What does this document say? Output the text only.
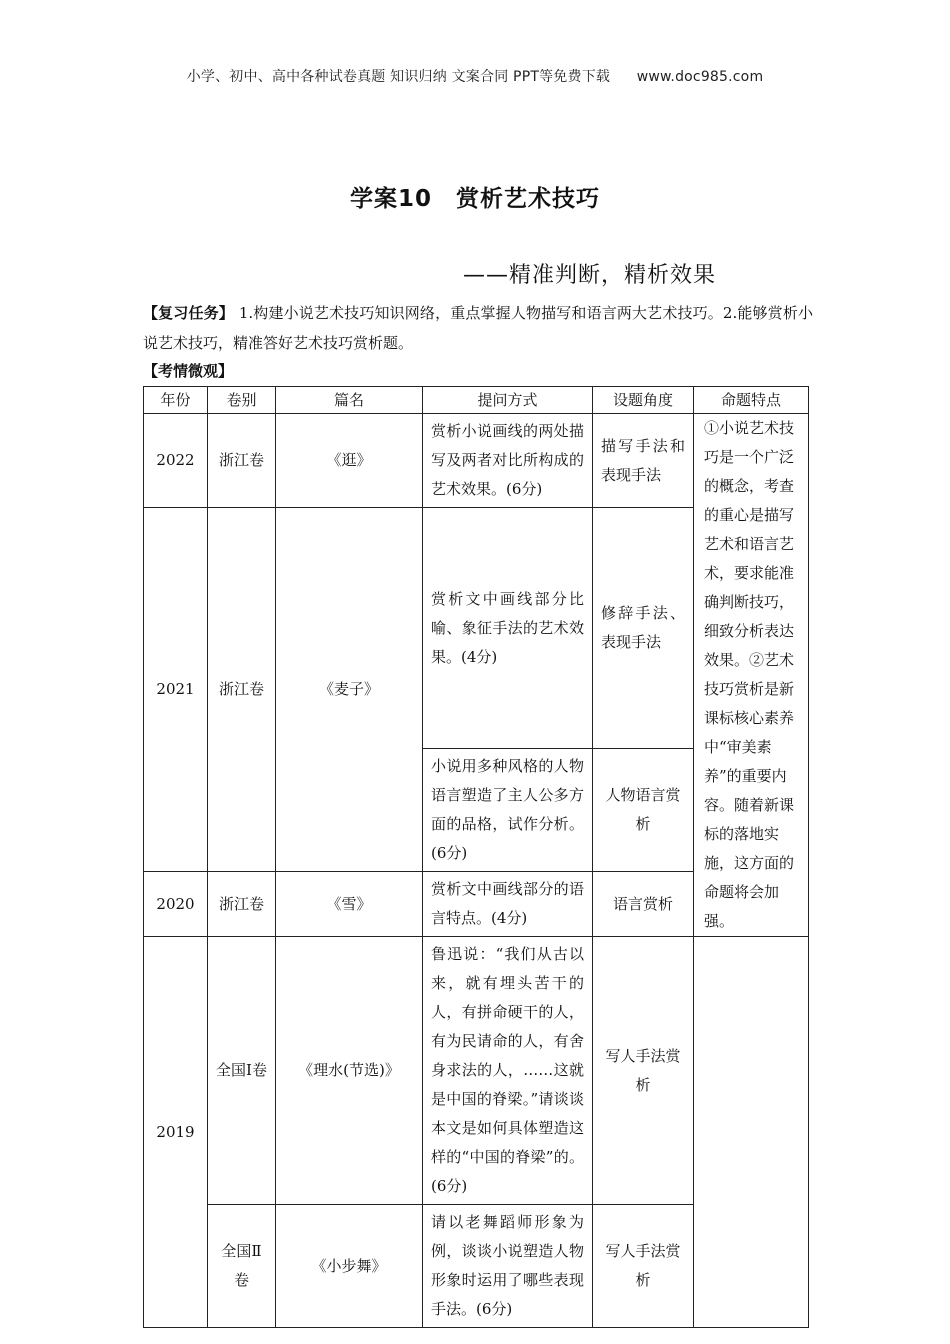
小学、初中、高中各种试卷真题 知识归纳 文案合同 PPT等免费下载 www.doc985.com
学案10　赏析艺术技巧
——精准判断，精析效果
【复习任务】 1.构建小说艺术技巧知识网络，重点掌握人物描写和语言两大艺术技巧。2.能够赏析小说艺术技巧，精准答好艺术技巧赏析题。
【考情微观】
年份	卷别	篇名	提问方式	设题角度	命题特点
2022	浙江卷	《逛》	赏析小说画线的两处描写及两者对比所构成的艺术效果。(6分)	描写手法和表现手法	①小说艺术技巧是一个广泛的概念，考查的重心是描写艺术和语言艺术，要求能准确判断技巧，细致分析表达效果。②艺术技巧赏析是新课标核心素养中“审美素养”的重要内容。随着新课标的落地实施，这方面的命题将会加强。
2021	浙江卷	《麦子》	赏析文中画线部分比喻、象征手法的艺术效果。(4分)	修辞手法、表现手法	
			小说用多种风格的人物语言塑造了主人公多方面的品格，试作分析。(6分)	人物语言赏析	
2020	浙江卷	《雪》	赏析文中画线部分的语言特点。(4分)	语言赏析	
2019	全国Ⅰ卷	《理水(节选)》	鲁迅说：“我们从古以来，就有埋头苦干的人，有拼命硬干的人，有为民请命的人，有舍身求法的人，……这就是中国的脊梁。”请谈谈本文是如何具体塑造这样的“中国的脊梁”的。(6分)	写人手法赏析	
	全国Ⅱ卷	《小步舞》	请以老舞蹈师形象为例，谈谈小说塑造人物形象时运用了哪些表现手法。(6分)	写人手法赏析	
